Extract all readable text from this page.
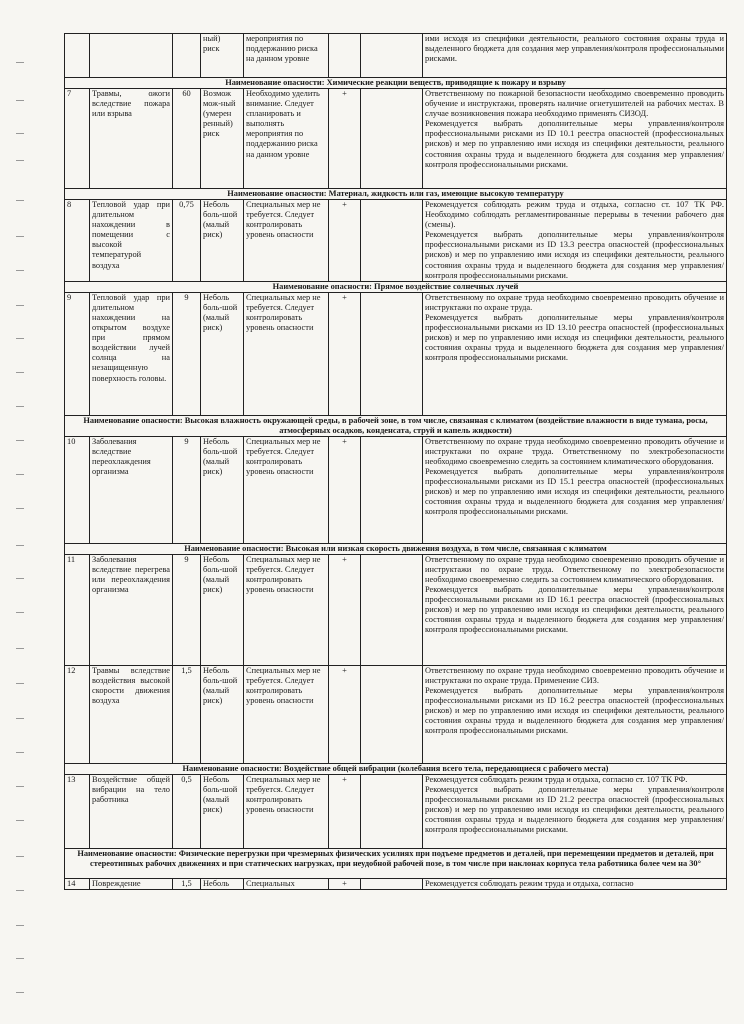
			ный)
риск	мероприятия по поддержанию риска на данном уровне			ими исходя из специфики деятельности, реального состояния охраны труда и выделенного бюджета для создания мер управления/контроля профессиональными рисками.
Наименование опасности: Химические реакции веществ, приводящие к пожару и взрыву							
7	Травмы, ожоги вследствие пожара или взрыва	60	Возмож мож-ный (умерен ренный) риск	Необходимо уделить внимание. Следует спланировать и выполнять мероприятия по поддержанию риска на данном уровне	+		Ответственному по пожарной безопасности необходимо своевременно проводить обучение и инструктажи, проверять наличие огнетушителей на рабочих местах. В случае возникновения пожара необходимо применять СИЗОД.
Рекомендуется выбрать дополнительные меры управления/контроля профессиональными рисками из ID 10.1 реестра опасностей (профессиональных рисков) и мер по управлению ими исходя из специфики деятельности, реального состояния охраны труда и выделенного бюджета для создания мер управления/контроля профессиональными рисками.
Наименование опасности: Материал, жидкость или газ, имеющие высокую температуру							
8	Тепловой удар при длительном нахождении в помещении с высокой температурой воздуха	0,75	Неболь боль-шой (малый риск)	Специальных мер не требуется. Следует контролировать уровень опасности	+		Рекомендуется соблюдать режим труда и отдыха, согласно ст. 107 ТК РФ. Необходимо соблюдать регламентированные перерывы в течении рабочего дня (смены).
Рекомендуется выбрать дополнительные меры управления/контроля профессиональными рисками из ID 13.3 реестра опасностей (профессиональных рисков) и мер по управлению ими исходя из специфики деятельности, реального состояния охраны труда и выделенного бюджета для создания мер управления/контроля профессиональными рисками.
Наименование опасности: Прямое воздействие солнечных лучей							
9	Тепловой удар при длительном нахождении на открытом воздухе при прямом воздействии лучей солнца на незащищенную поверхность головы.	9	Неболь боль-шой (малый риск)	Специальных мер не требуется. Следует контролировать уровень опасности	+		Ответственному по охране труда необходимо своевременно проводить обучение и инструктажи по охране труда.
Рекомендуется выбрать дополнительные меры управления/контроля профессиональными рисками из ID 13.10 реестра опасностей (профессиональных рисков) и мер по управлению ими исходя из специфики деятельности, реального состояния охраны труда и выделенного бюджета для создания мер управления/контроля профессиональными рисками.
Наименование опасности: Высокая влажность окружающей среды, в рабочей зоне, в том числе, связанная с климатом (воздействие влажности в виде тумана, росы, атмосферных осадков, конденсата, струй и капель жидкости)							
10	Заболевания вследствие переохлаждения организма	9	Неболь боль-шой (малый риск)	Специальных мер не требуется. Следует контролировать уровень опасности	+		Ответственному по охране труда необходимо своевременно проводить обучение и инструктажи по охране труда. Ответственному по электробезопасности необходимо своевременно следить за состоянием климатического оборудования.
Рекомендуется выбрать дополнительные меры управления/контроля профессиональными рисками из ID 15.1 реестра опасностей (профессиональных рисков) и мер по управлению ими исходя из специфики деятельности, реального состояния охраны труда и выделенного бюджета для создания мер управления/контроля профессиональными рисками.
Наименование опасности: Высокая или низкая скорость движения воздуха, в том числе, связанная с климатом							
11	Заболевания вследствие перегрева или переохлаждения организма	9	Неболь боль-шой (малый риск)	Специальных мер не требуется. Следует контролировать уровень опасности	+		Ответственному по охране труда необходимо своевременно проводить обучение и инструктажи по охране труда. Ответственному по электробезопасности необходимо своевременно следить за состоянием климатического оборудования.
Рекомендуется выбрать дополнительные меры управления/контроля профессиональными рисками из ID 16.1 реестра опасностей (профессиональных рисков) и мер по управлению ими исходя из специфики деятельности, реального состояния охраны труда и выделенного бюджета для создания мер управления/контроля профессиональными рисками.
12	Травмы вследствие воздействия высокой скорости движения воздуха	1,5	Неболь боль-шой (малый риск)	Специальных мер не требуется. Следует контролировать уровень опасности	+		Ответственному по охране труда необходимо своевременно проводить обучение и инструктажи по охране труда. Применение СИЗ.
Рекомендуется выбрать дополнительные меры управления/контроля профессиональными рисками из ID 16.2 реестра опасностей (профессиональных рисков) и мер по управлению ими исходя из специфики деятельности, реального состояния охраны труда и выделенного бюджета для создания мер управления/контроля профессиональными рисками.
Наименование опасности: Воздействие общей вибрации (колебания всего тела, передающиеся с рабочего места)							
13	Воздействие общей вибрации на тело работника	0,5	Неболь боль-шой (малый риск)	Специальных мер не требуется. Следует контролировать уровень опасности	+		Рекомендуется соблюдать режим труда и отдыха, согласно ст. 107 ТК РФ.
Рекомендуется выбрать дополнительные меры управления/контроля профессиональными рисками из ID 21.2 реестра опасностей (профессиональных рисков) и мер по управлению ими исходя из специфики деятельности, реального состояния охраны труда и выделенного бюджета для создания мер управления/контроля профессиональными рисками.
Наименование опасности: Физические перегрузки при чрезмерных физических усилиях при подъеме предметов и деталей, при перемещении предметов и деталей, при стереотипных рабочих движениях и при статических нагрузках, при неудобной рабочей позе, в том числе при наклонах корпуса тела работника более чем на 30°							
14	Повреждение	1,5	Неболь	Специальных	+		Рекомендуется соблюдать режим труда и отдыха, согласно
